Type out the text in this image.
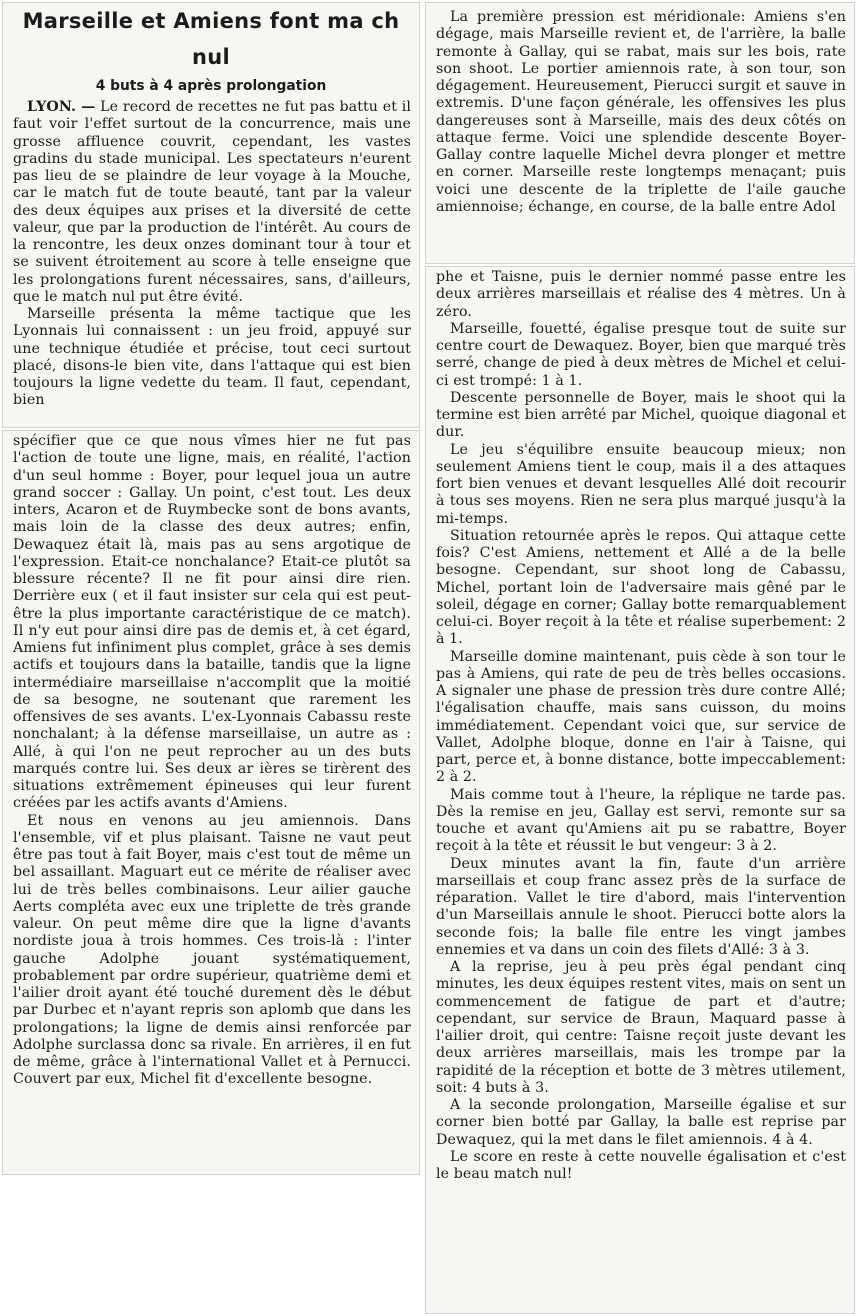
Marseille et Amiens font ma ch nul
4 buts à 4 après prolongation

LYON. — Le record de recettes ne fut pas battu et il faut voir l'effet surtout de la concurrence, mais une grosse affluence couvrit, cependant, les vastes gradins du stade municipal. Les spectateurs n'eurent pas lieu de se plaindre de leur voyage à la Mouche, car le match fut de toute beauté, tant par la valeur des deux équipes aux prises et la diversité de cette valeur, que par la production de l'intérêt. Au cours de la rencontre, les deux onzes dominant tour à tour et se suivent étroitement au score à telle enseigne que les prolongations furent nécessaires, sans, d'ailleurs, que le match nul put être évité.

Marseille présenta la même tactique que les Lyonnais lui connaissent : un jeu froid, appuyé sur une technique étudiée et précise, tout ceci surtout placé, disons-le bien vite, dans l'attaque qui est bien toujours la ligne vedette du team. Il faut, cependant, bien

spécifier que ce que nous vîmes hier ne fut pas l'action de toute une ligne, mais, en réalité, l'action d'un seul homme : Boyer, pour lequel joua un autre grand soccer : Gallay. Un point, c'est tout. Les deux inters, Acaron et de Ruymbecke sont de bons avants, mais loin de la classe des deux autres; enfin, Dewaquez était là, mais pas au sens argotique de l'expression. Etait-ce nonchalance? Etait-ce plutôt sa blessure récente? Il ne fit pour ainsi dire rien. Derrière eux ( et il faut insister sur cela qui est peut-être la plus importante caractéristique de ce match). Il n'y eut pour ainsi dire pas de demis et, à cet égard, Amiens fut infiniment plus complet, grâce à ses demis actifs et toujours dans la bataille, tandis que la ligne intermédiaire marseillaise n'accomplit que la moitié de sa besogne, ne soutenant que rarement les offensives de ses avants. L'ex-Lyonnais Cabassu reste nonchalant; à la défense marseillaise, un autre as : Allé, à qui l'on ne peut reprocher au un des buts marqués contre lui. Ses deux ar ières se tirèrent des situations extrêmement épineuses qui leur furent créées par les actifs avants d'Amiens.

Et nous en venons au jeu amiennois. Dans l'ensemble, vif et plus plaisant. Taisne ne vaut peut être pas tout à fait Boyer, mais c'est tout de même un bel assaillant. Maguart eut ce mérite de réaliser avec lui de très belles combinaisons. Leur ailier gauche Aerts compléta avec eux une triplette de très grande valeur. On peut même dire que la ligne d'avants nordiste joua à trois hommes. Ces trois-là : l'inter gauche Adolphe jouant systématiquement, probablement par ordre supérieur, quatrième demi et l'ailier droit ayant été touché durement dès le début par Durbec et n'ayant repris son aplomb que dans les prolongations; la ligne de demis ainsi renforcée par Adolphe surclassa donc sa rivale. En arrières, il en fut de même, grâce à l'international Vallet et à Pernucci. Couvert par eux, Michel fit d'excellente besogne.

La première pression est méridionale: Amiens s'en dégage, mais Marseille revient et, de l'arrière, la balle remonte à Gallay, qui se rabat, mais sur les bois, rate son shoot. Le portier amiennois rate, à son tour, son dégagement. Heureusement, Pierucci surgit et sauve in extremis. D'une façon générale, les offensives les plus dangereuses sont à Marseille, mais des deux côtés on attaque ferme. Voici une splendide descente Boyer-Gallay contre laquelle Michel devra plonger et mettre en corner. Marseille reste longtemps menaçant; puis voici une descente de la triplette de l'aile gauche amiennoise; échange, en course, de la balle entre Adol

phe et Taisne, puis le dernier nommé passe entre les deux arrières marseillais et réalise des 4 mètres. Un à zéro.

Marseille, fouetté, égalise presque tout de suite sur centre court de Dewaquez. Boyer, bien que marqué très serré, change de pied à deux mètres de Michel et celui-ci est trompé: 1 à 1.

Descente personnelle de Boyer, mais le shoot qui la termine est bien arrêté par Michel, quoique diagonal et dur.

Le jeu s'équilibre ensuite beaucoup mieux; non seulement Amiens tient le coup, mais il a des attaques fort bien venues et devant lesquelles Allé doit recourir à tous ses moyens. Rien ne sera plus marqué jusqu'à la mi-temps.

Situation retournée après le repos. Qui attaque cette fois? C'est Amiens, nettement et Allé a de la belle besogne. Cependant, sur shoot long de Cabassu, Michel, portant loin de l'adversaire mais gêné par le soleil, dégage en corner; Gallay botte remarquablement celui-ci. Boyer reçoit à la tête et réalise superbement: 2 à 1.

Marseille domine maintenant, puis cède à son tour le pas à Amiens, qui rate de peu de très belles occasions. A signaler une phase de pression très dure contre Allé; l'égalisation chauffe, mais sans cuisson, du moins immédiatement. Cependant voici que, sur service de Vallet, Adolphe bloque, donne en l'air à Taisne, qui part, perce et, à bonne distance, botte impeccablement: 2 à 2.

Mais comme tout à l'heure, la réplique ne tarde pas. Dès la remise en jeu, Gallay est servi, remonte sur sa touche et avant qu'Amiens ait pu se rabattre, Boyer reçoit à la tête et réussit le but vengeur: 3 à 2.

Deux minutes avant la fin, faute d'un arrière marseillais et coup franc assez près de la surface de réparation. Vallet le tire d'abord, mais l'intervention d'un Marseillais annule le shoot. Pierucci botte alors la seconde fois; la balle file entre les vingt jambes ennemies et va dans un coin des filets d'Allé: 3 à 3.

A la reprise, jeu à peu près égal pendant cinq minutes, les deux équipes restent vites, mais on sent un commencement de fatigue de part et d'autre; cependant, sur service de Braun, Maquard passe à l'ailier droit, qui centre: Taisne reçoit juste devant les deux arrières marseillais, mais les trompe par la rapidité de la réception et botte de 3 mètres utilement, soit: 4 buts à 3.

A la seconde prolongation, Marseille égalise et sur corner bien botté par Gallay, la balle est reprise par Dewaquez, qui la met dans le filet amiennois. 4 à 4.

Le score en reste à cette nouvelle égalisation et c'est le beau match nul!
